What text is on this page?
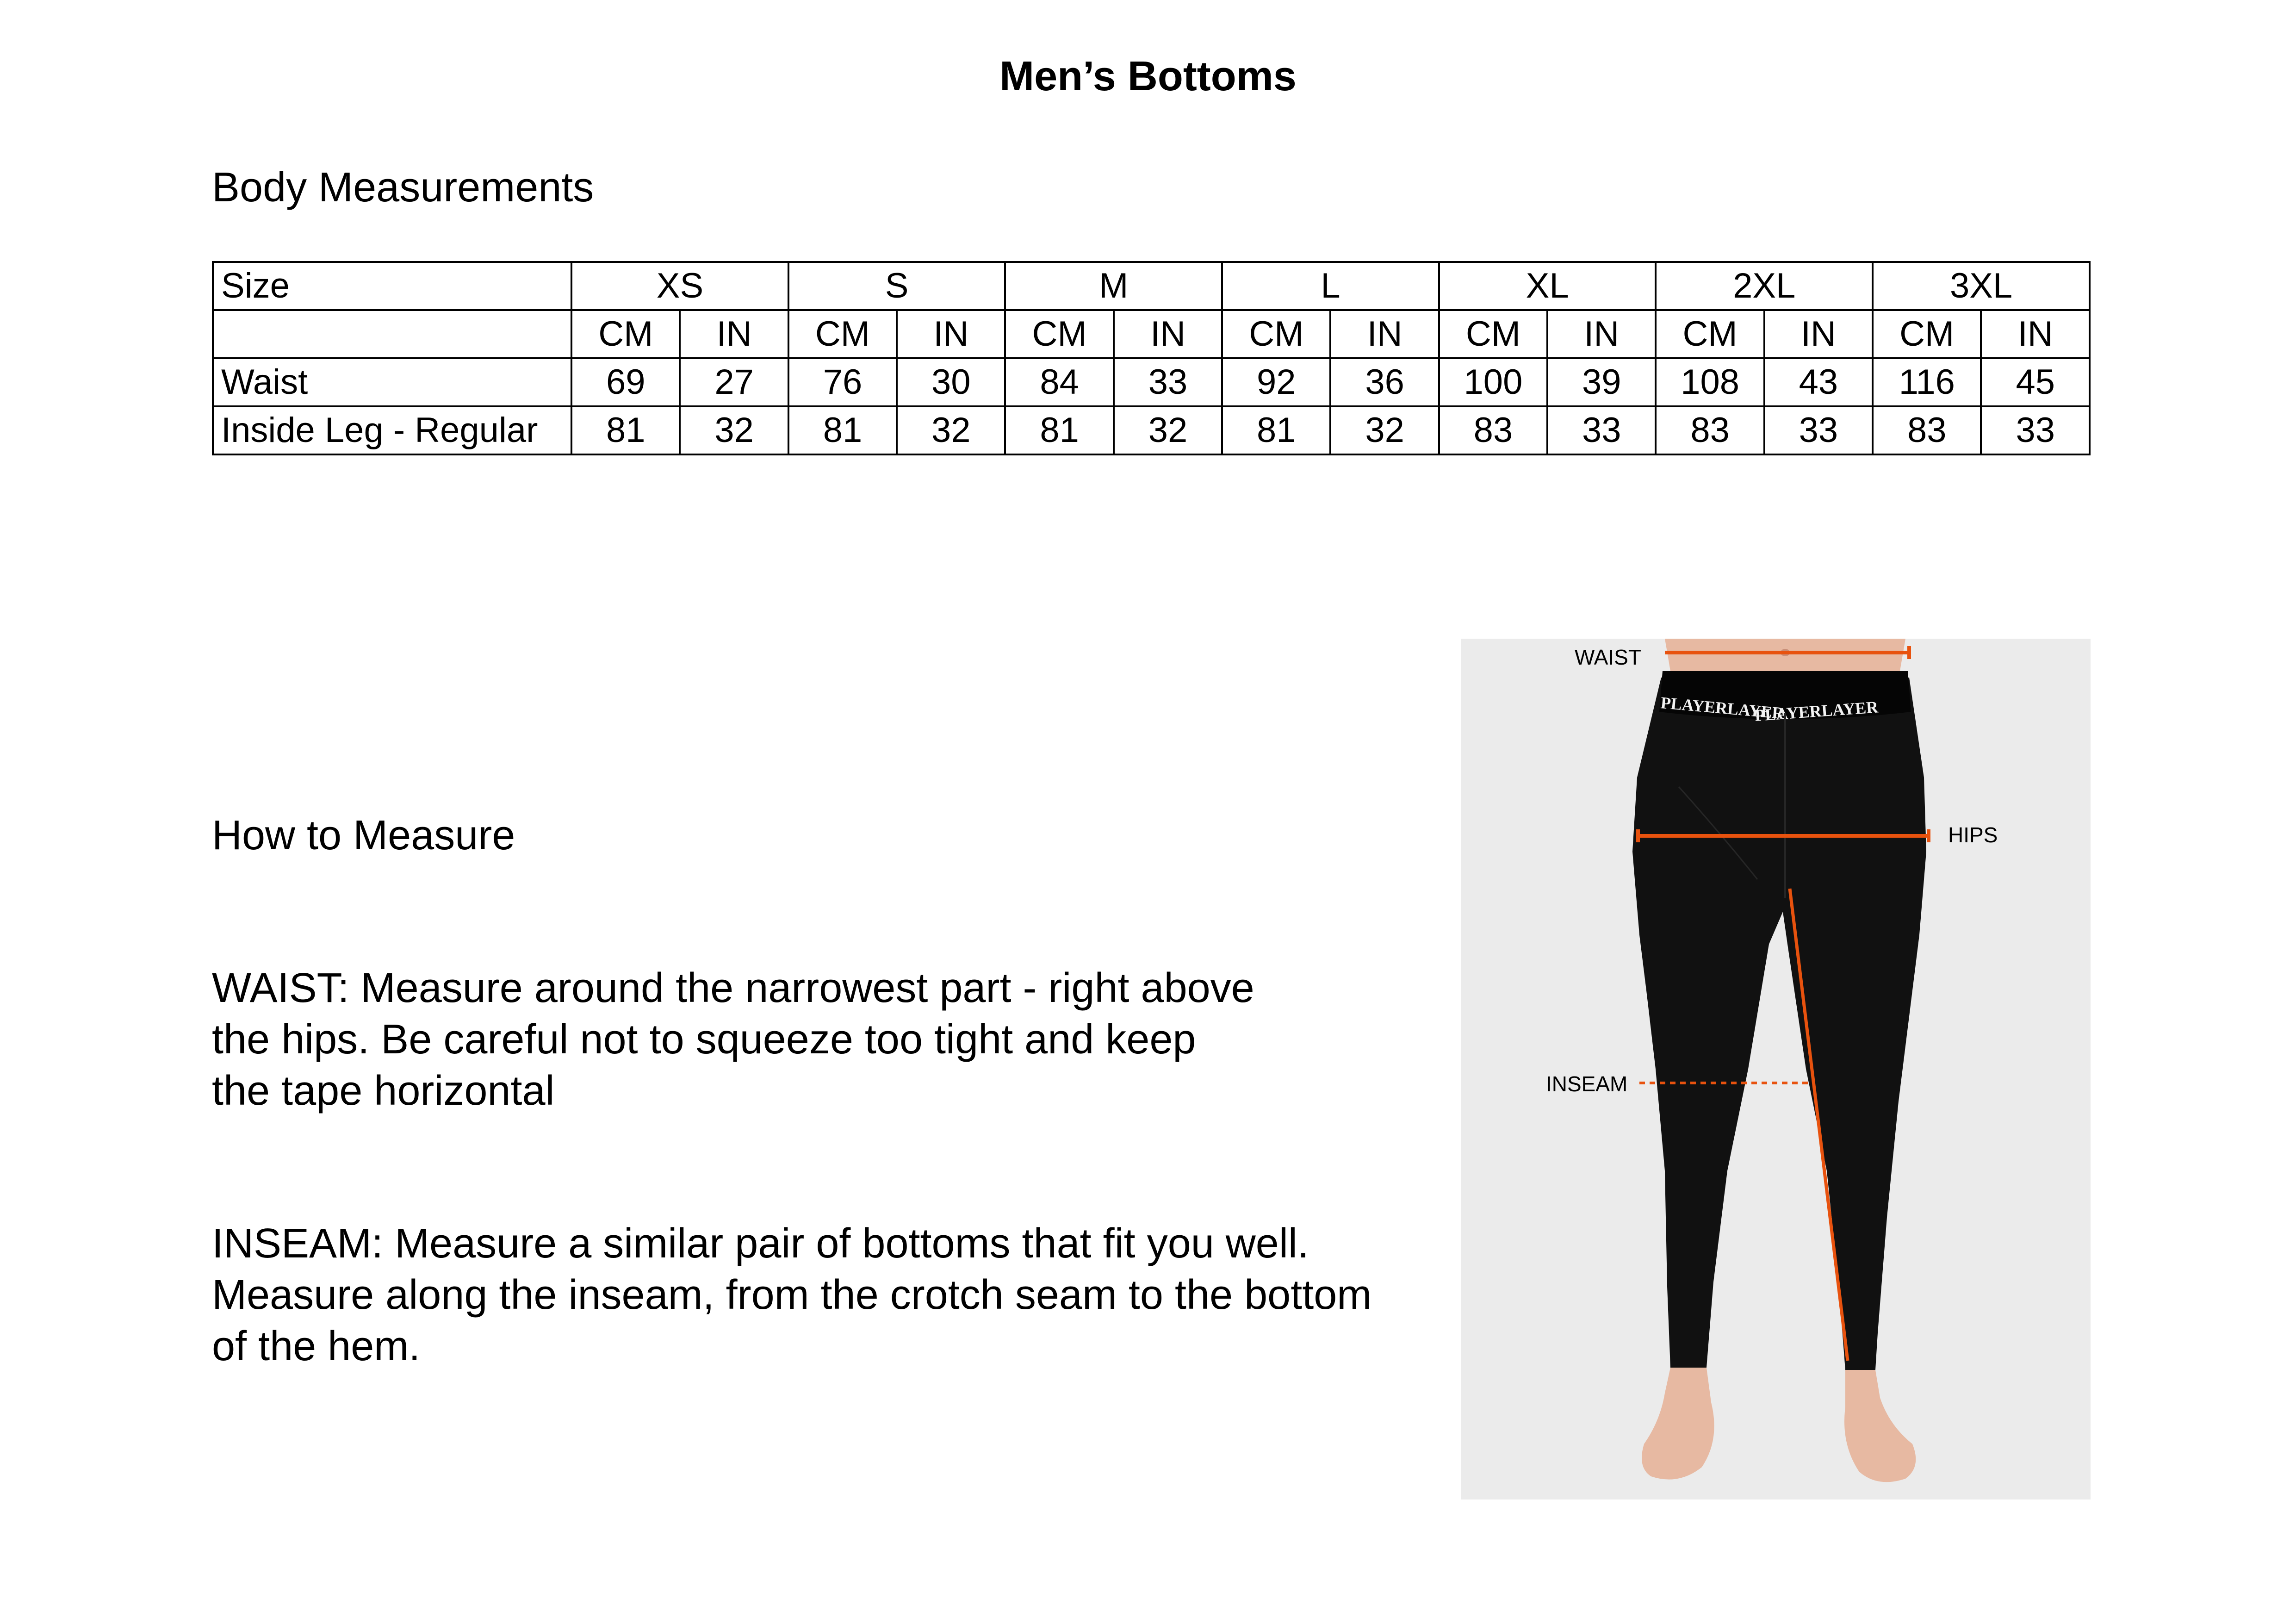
Men’s Bottoms
Body Measurements
Size	XS		S		M		L		XL		2XL		3XL	
	CM	IN	CM	IN	CM	IN	CM	IN	CM	IN	CM	IN	CM	IN
Waist	69	27	76	30	84	33	92	36	100	39	108	43	116	45
Inside Leg - Regular	81	32	81	32	81	32	81	32	83	33	83	33	83	33
How to Measure
WAIST: Measure around the narrowest part - right above
the hips. Be careful not to squeeze too tight and keep
the tape horizontal
INSEAM: Measure a similar pair of bottoms that fit you well.
Measure along the inseam, from the crotch seam to the bottom
of the hem.
PLAYERLAYER
PLAYERLAYER
WAIST
HIPS
INSEAM
